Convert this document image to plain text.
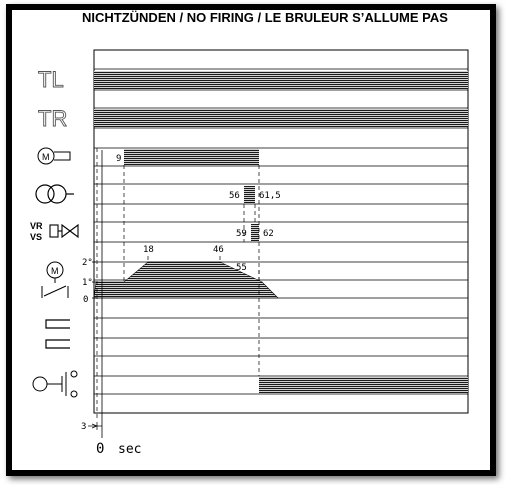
NICHTZÜNDEN / NO FIRING / LE BRULEUR S’ALLUME PAS
TL
TR
M
VR
VS
M
2°
1°
0
9
56 61,5
59 62
18	46
55
3
0 sec
